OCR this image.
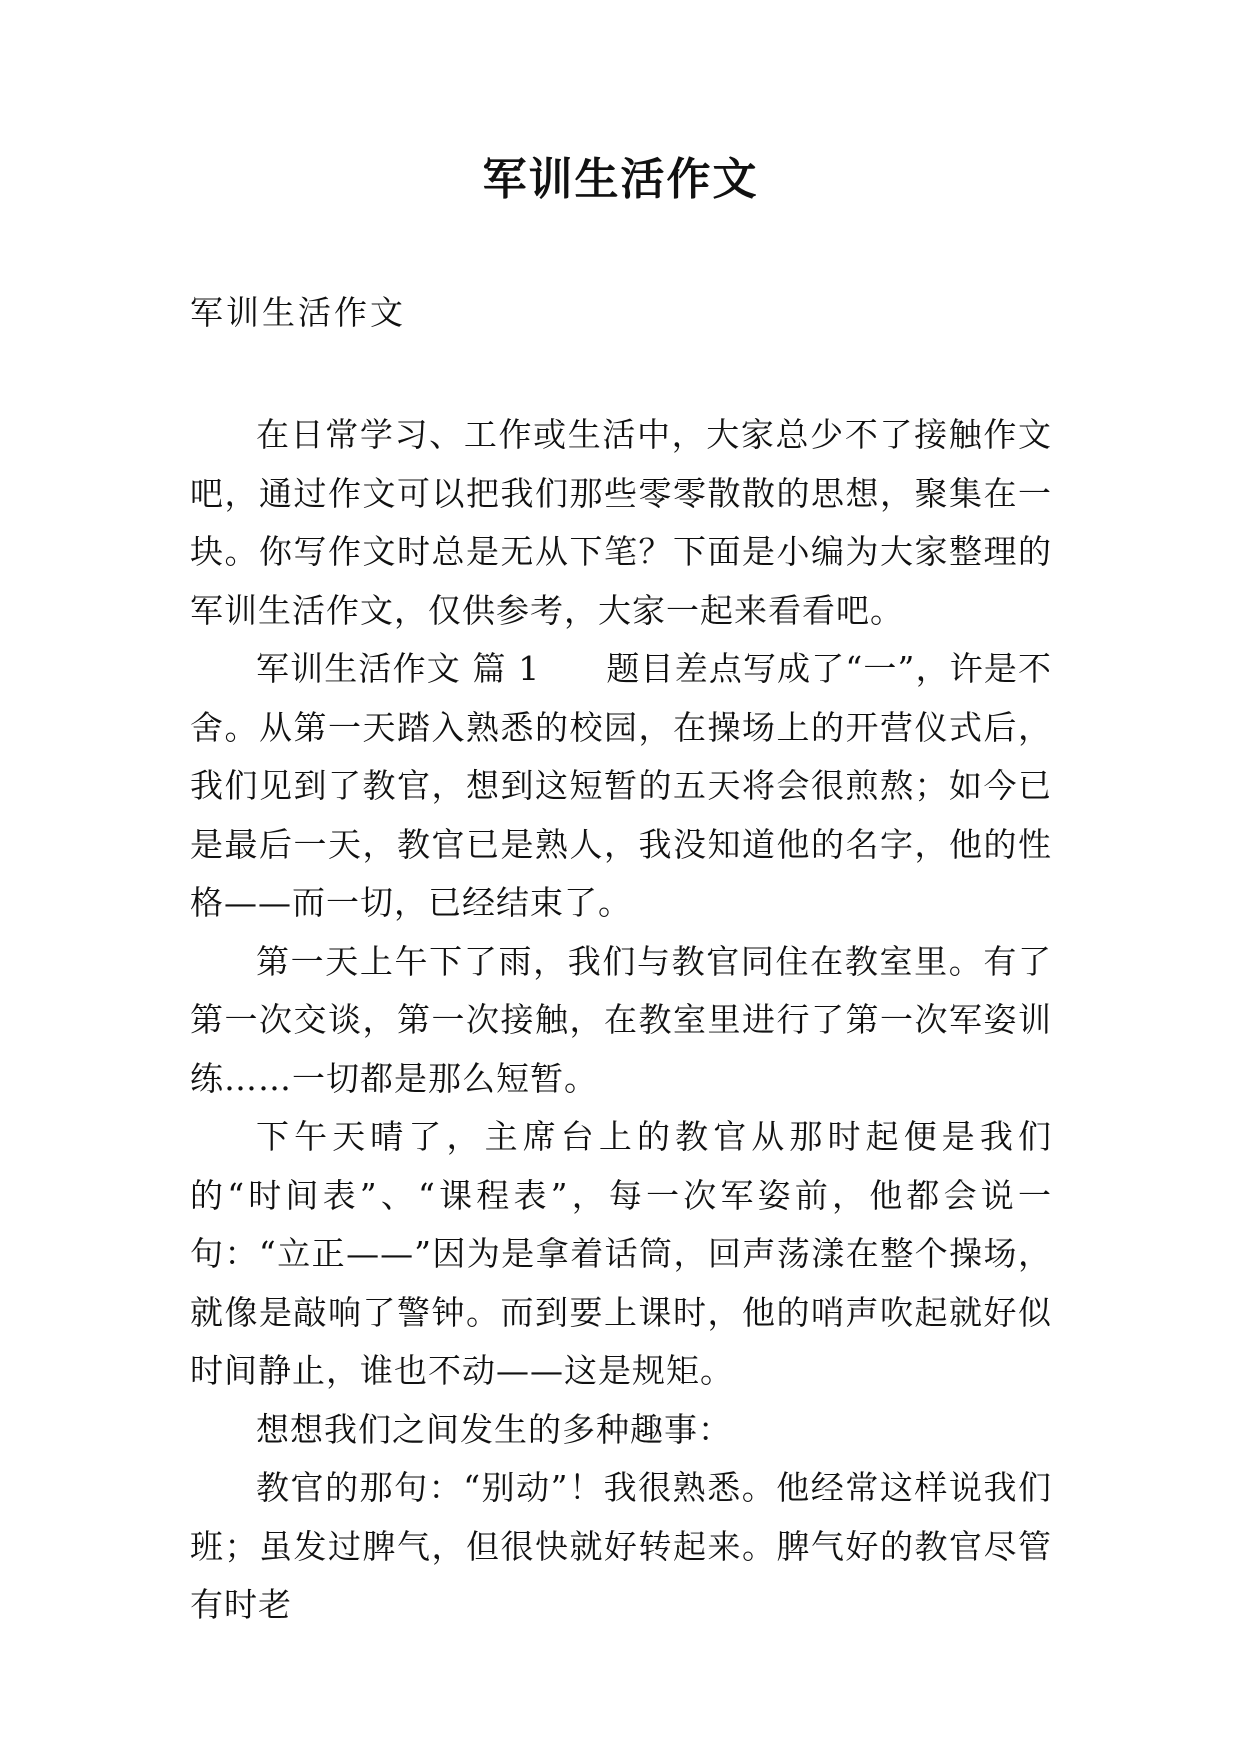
军训生活作文

军训生活作文

在日常学习、工作或生活中，大家总少不了接触作文吧，通过作文可以把我们那些零零散散的思想，聚集在一块。你写作文时总是无从下笔？下面是小编为大家整理的军训生活作文，仅供参考，大家一起来看看吧。

军训生活作文 篇 1 题目差点写成了“一”，许是不舍。从第一天踏入熟悉的校园，在操场上的开营仪式后，我们见到了教官，想到这短暂的五天将会很煎熬；如今已是最后一天，教官已是熟人，我没知道他的名字，他的性格——而一切，已经结束了。

第一天上午下了雨，我们与教官同住在教室里。有了第一次交谈，第一次接触，在教室里进行了第一次军姿训练……一切都是那么短暂。

下午天晴了，主席台上的教官从那时起便是我们的“时间表”、“课程表”，每一次军姿前，他都会说一句：“立正——”因为是拿着话筒，回声荡漾在整个操场，就像是敲响了警钟。而到要上课时，他的哨声吹起就好似时间静止，谁也不动——这是规矩。

想想我们之间发生的多种趣事：

教官的那句：“别动”！我很熟悉。他经常这样说我们班；虽发过脾气，但很快就好转起来。脾气好的教官尽管有时老
